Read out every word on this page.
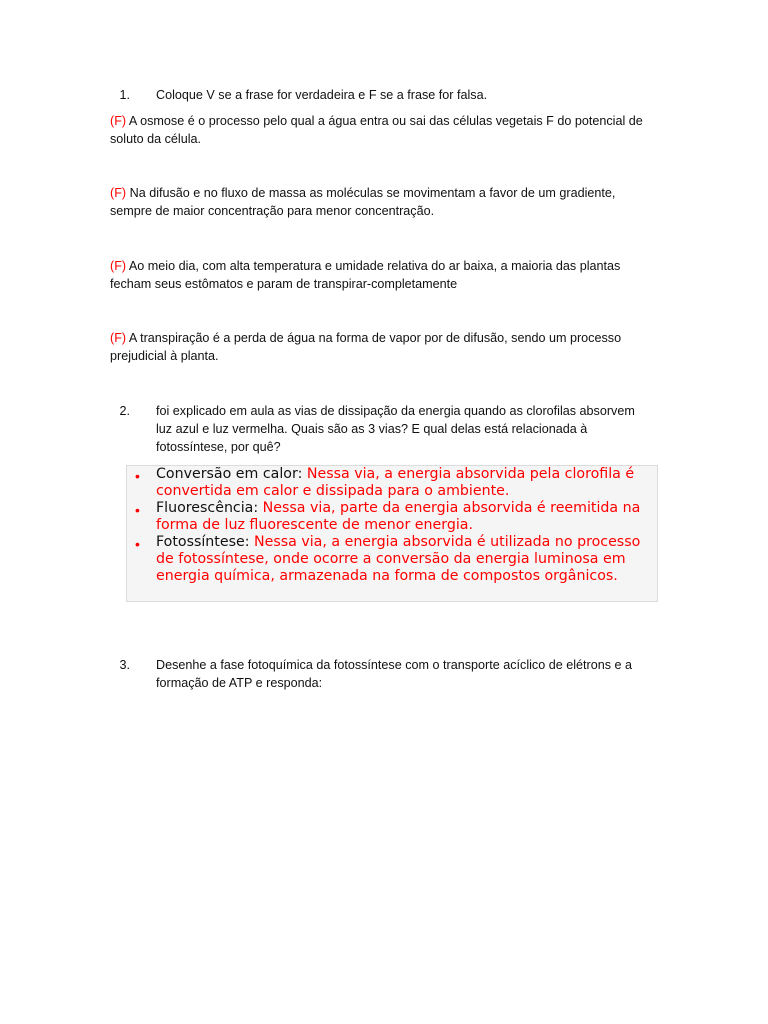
1. Coloque V se a frase for verdadeira e F se a frase for falsa.
(F) A osmose é o processo pelo qual a água entra ou sai das células vegetais F do potencial de soluto da célula.
(F) Na difusão e no fluxo de massa as moléculas se movimentam a favor de um gradiente, sempre de maior concentração para menor concentração.
(F) Ao meio dia, com alta temperatura e umidade relativa do ar baixa, a maioria das plantas fecham seus estômatos e param de transpirar-completamente
(F) A transpiração é a perda de água na forma de vapor por de difusão, sendo um processo prejudicial à planta.
2. foi explicado em aula as vias de dissipação da energia quando as clorofilas absorvem luz azul e luz vermelha. Quais são as 3 vias? E qual delas está relacionada à fotossíntese, por quê?
•	Conversão em calor: Nessa via, a energia absorvida pela clorofila é convertida em calor e dissipada para o ambiente.
•	Fluorescência: Nessa via, parte da energia absorvida é reemitida na forma de luz fluorescente de menor energia.
•	Fotossíntese: Nessa via, a energia absorvida é utilizada no processo de fotossíntese, onde ocorre a conversão da energia luminosa em energia química, armazenada na forma de compostos orgânicos.
3. Desenhe a fase fotoquímica da fotossíntese com o transporte acíclico de elétrons e a formação de ATP e responda:
